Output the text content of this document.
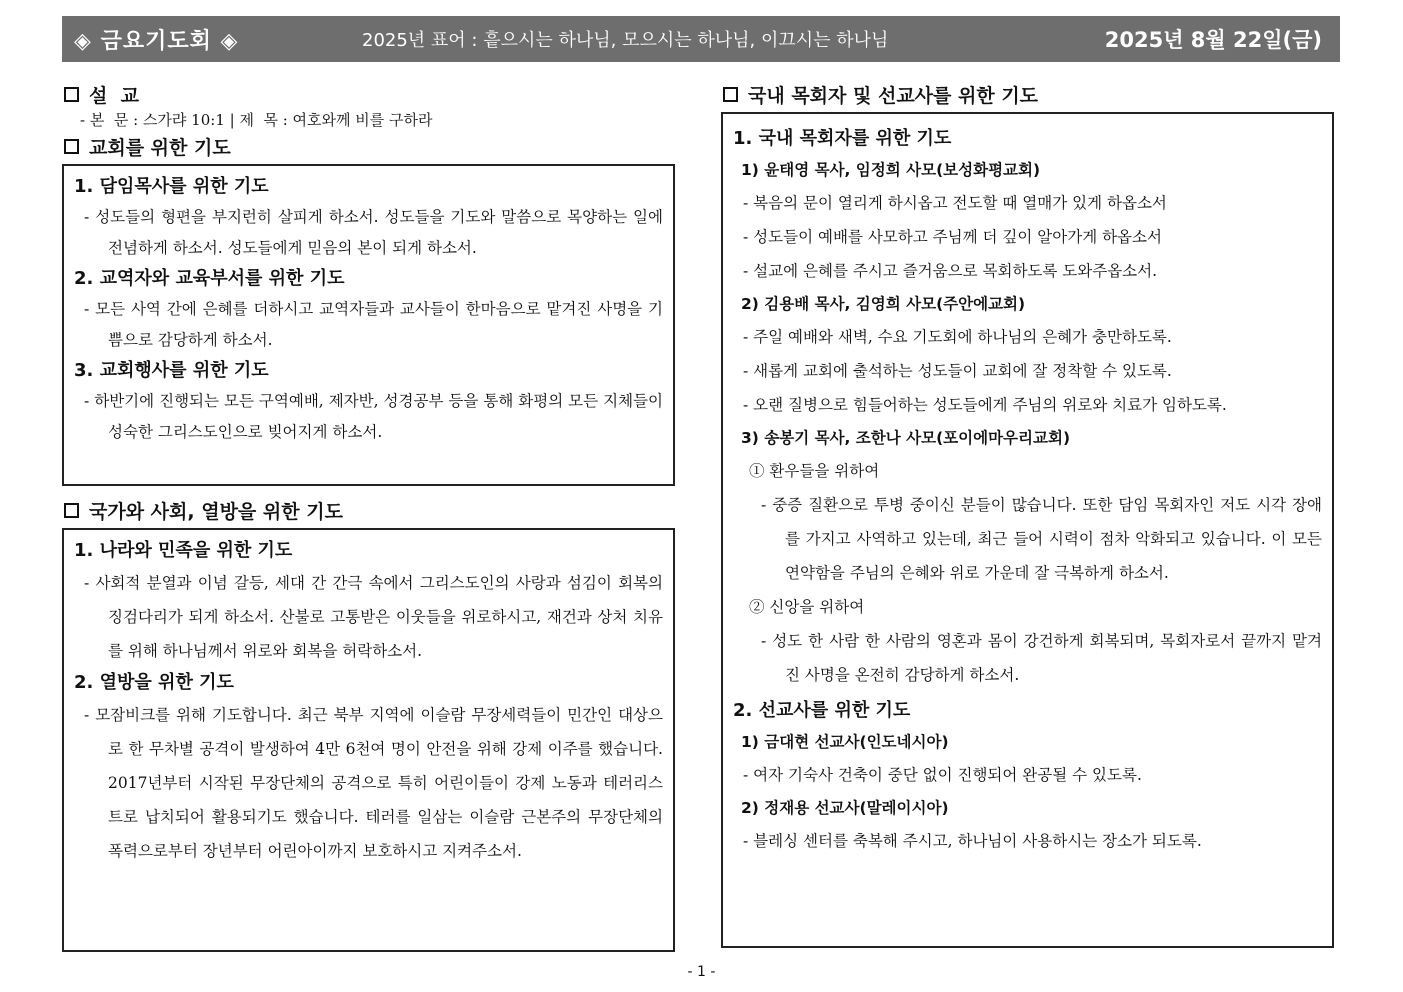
◈ 금요기도회 ◈	2025년 표어 : 흩으시는 하나님, 모으시는 하나님, 이끄시는 하나님	2025년 8월 22일(금)
설  교
- 본  문 : 스가랴 10:1 | 제  목 : 여호와께 비를 구하라
교회를 위한 기도
1. 담임목사를 위한 기도
- 성도들의 형편을 부지런히 살피게 하소서. 성도들을 기도와 말씀으로 목양하는 일에 전념하게 하소서. 성도들에게 믿음의 본이 되게 하소서.
2. 교역자와 교육부서를 위한 기도
- 모든 사역 간에 은혜를 더하시고 교역자들과 교사들이 한마음으로 맡겨진 사명을 기쁨으로 감당하게 하소서.
3. 교회행사를 위한 기도
- 하반기에 진행되는 모든 구역예배, 제자반, 성경공부 등을 통해 화평의 모든 지체들이 성숙한 그리스도인으로 빚어지게 하소서.
국가와 사회, 열방을 위한 기도
1. 나라와 민족을 위한 기도
- 사회적 분열과 이념 갈등, 세대 간 간극 속에서 그리스도인의 사랑과 섬김이 회복의 징검다리가 되게 하소서. 산불로 고통받은 이웃들을 위로하시고, 재건과 상처 치유를 위해 하나님께서 위로와 회복을 허락하소서.
2. 열방을 위한 기도
- 모잠비크를 위해 기도합니다. 최근 북부 지역에 이슬람 무장세력들이 민간인 대상으로 한 무차별 공격이 발생하여 4만 6천여 명이 안전을 위해 강제 이주를 했습니다. 2017년부터 시작된 무장단체의 공격으로 특히 어린이들이 강제 노동과 테러리스트로 납치되어 활용되기도 했습니다. 테러를 일삼는 이슬람 근본주의 무장단체의 폭력으로부터 장년부터 어린아이까지 보호하시고 지켜주소서.
국내 목회자 및 선교사를 위한 기도
1. 국내 목회자를 위한 기도
1) 윤태영 목사, 임정희 사모(보성화평교회)
- 복음의 문이 열리게 하시옵고 전도할 때 열매가 있게 하옵소서
- 성도들이 예배를 사모하고 주님께 더 깊이 알아가게 하옵소서
- 설교에 은혜를 주시고 즐거움으로 목회하도록 도와주옵소서.
2) 김용배 목사, 김영희 사모(주안에교회)
- 주일 예배와 새벽, 수요 기도회에 하나님의 은혜가 충만하도록.
- 새롭게 교회에 출석하는 성도들이 교회에 잘 정착할 수 있도록.
- 오랜 질병으로 힘들어하는 성도들에게 주님의 위로와 치료가 임하도록.
3) 송봉기 목사, 조한나 사모(포이에마우리교회)
① 환우들을 위하여
- 중증 질환으로 투병 중이신 분들이 많습니다. 또한 담임 목회자인 저도 시각 장애를 가지고 사역하고 있는데, 최근 들어 시력이 점차 악화되고 있습니다. 이 모든 연약함을 주님의 은혜와 위로 가운데 잘 극복하게 하소서.
② 신앙을 위하여
- 성도 한 사람 한 사람의 영혼과 몸이 강건하게 회복되며, 목회자로서 끝까지 맡겨진 사명을 온전히 감당하게 하소서.
2. 선교사를 위한 기도
1) 금대현 선교사(인도네시아)
- 여자 기숙사 건축이 중단 없이 진행되어 완공될 수 있도록.
2) 정재용 선교사(말레이시아)
- 블레싱 센터를 축복해 주시고, 하나님이 사용하시는 장소가 되도록.
- 1 -
